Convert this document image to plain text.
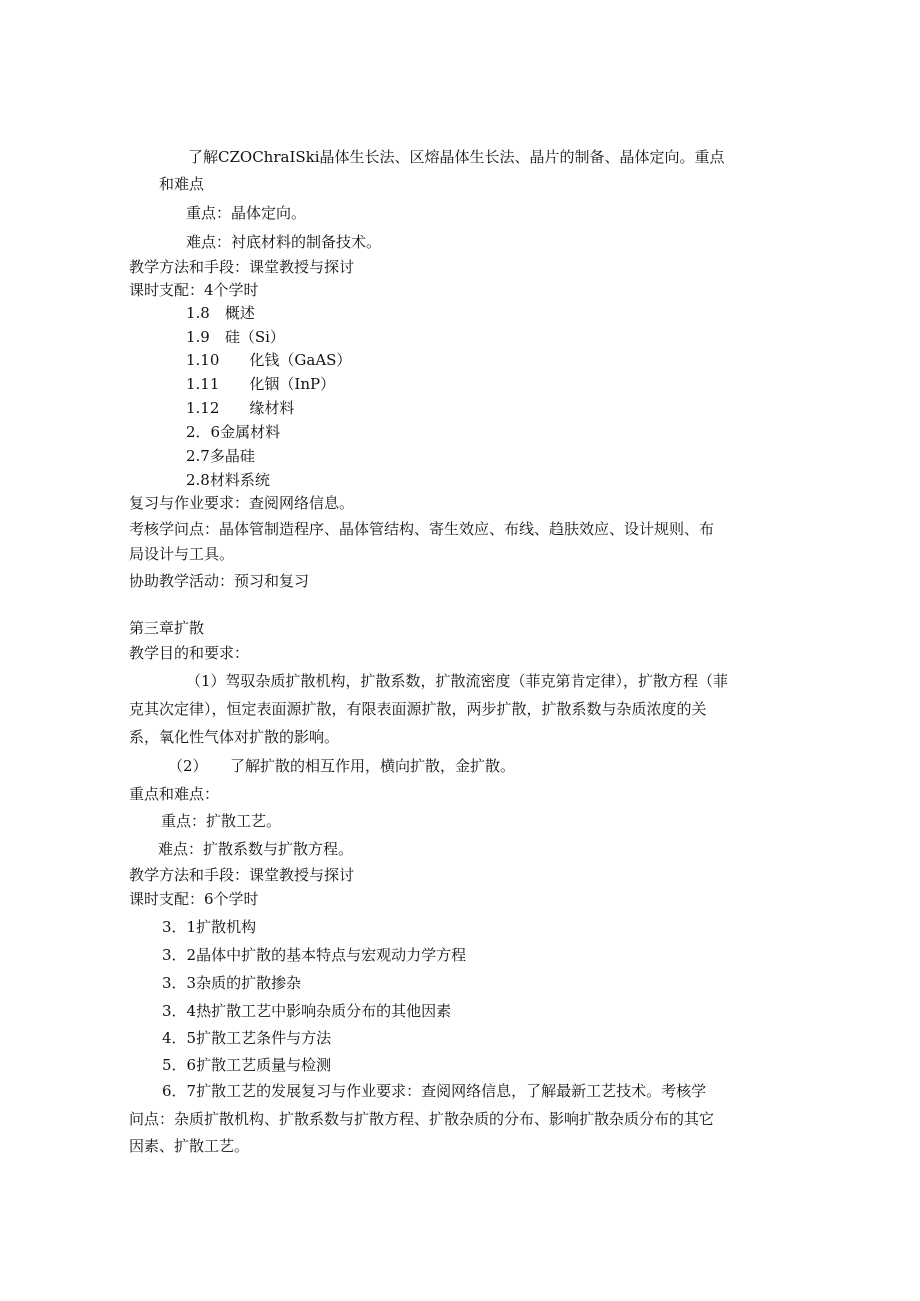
了解CZOChraISki晶体生长法、区熔晶体生长法、晶片的制备、晶体定向。重点
和难点
重点：晶体定向。
难点：衬底材料的制备技术。
教学方法和手段：课堂教授与探讨
课时支配：4个学时
1.8　概述
1.9　硅（Si）
1.10　　化钱（GaAS）
1.11　　化铟（InP）
1.12　　缘材料
2．6金属材料
2.7多晶硅
2.8材料系统
复习与作业要求：查阅网络信息。
考核学问点：晶体管制造程序、晶体管结构、寄生效应、布线、趋肤效应、设计规则、布
局设计与工具。
协助教学活动：预习和复习
第三章扩散
教学目的和要求：
（1）驾驭杂质扩散机构，扩散系数，扩散流密度（菲克第肯定律），扩散方程（菲
克其次定律），恒定表面源扩散，有限表面源扩散，两步扩散，扩散系数与杂质浓度的关
系，氧化性气体对扩散的影响。
（2）　　了解扩散的相互作用，横向扩散，金扩散。
重点和难点：
重点：扩散工艺。
难点：扩散系数与扩散方程。
教学方法和手段：课堂教授与探讨
课时支配：6个学时
3．1扩散机构
3．2晶体中扩散的基本特点与宏观动力学方程
3．3杂质的扩散掺杂
3．4热扩散工艺中影响杂质分布的其他因素
4．5扩散工艺条件与方法
5．6扩散工艺质量与检测
6．7扩散工艺的发展复习与作业要求：查阅网络信息，了解最新工艺技术。考核学
问点：杂质扩散机构、扩散系数与扩散方程、扩散杂质的分布、影响扩散杂质分布的其它
因素、扩散工艺。
